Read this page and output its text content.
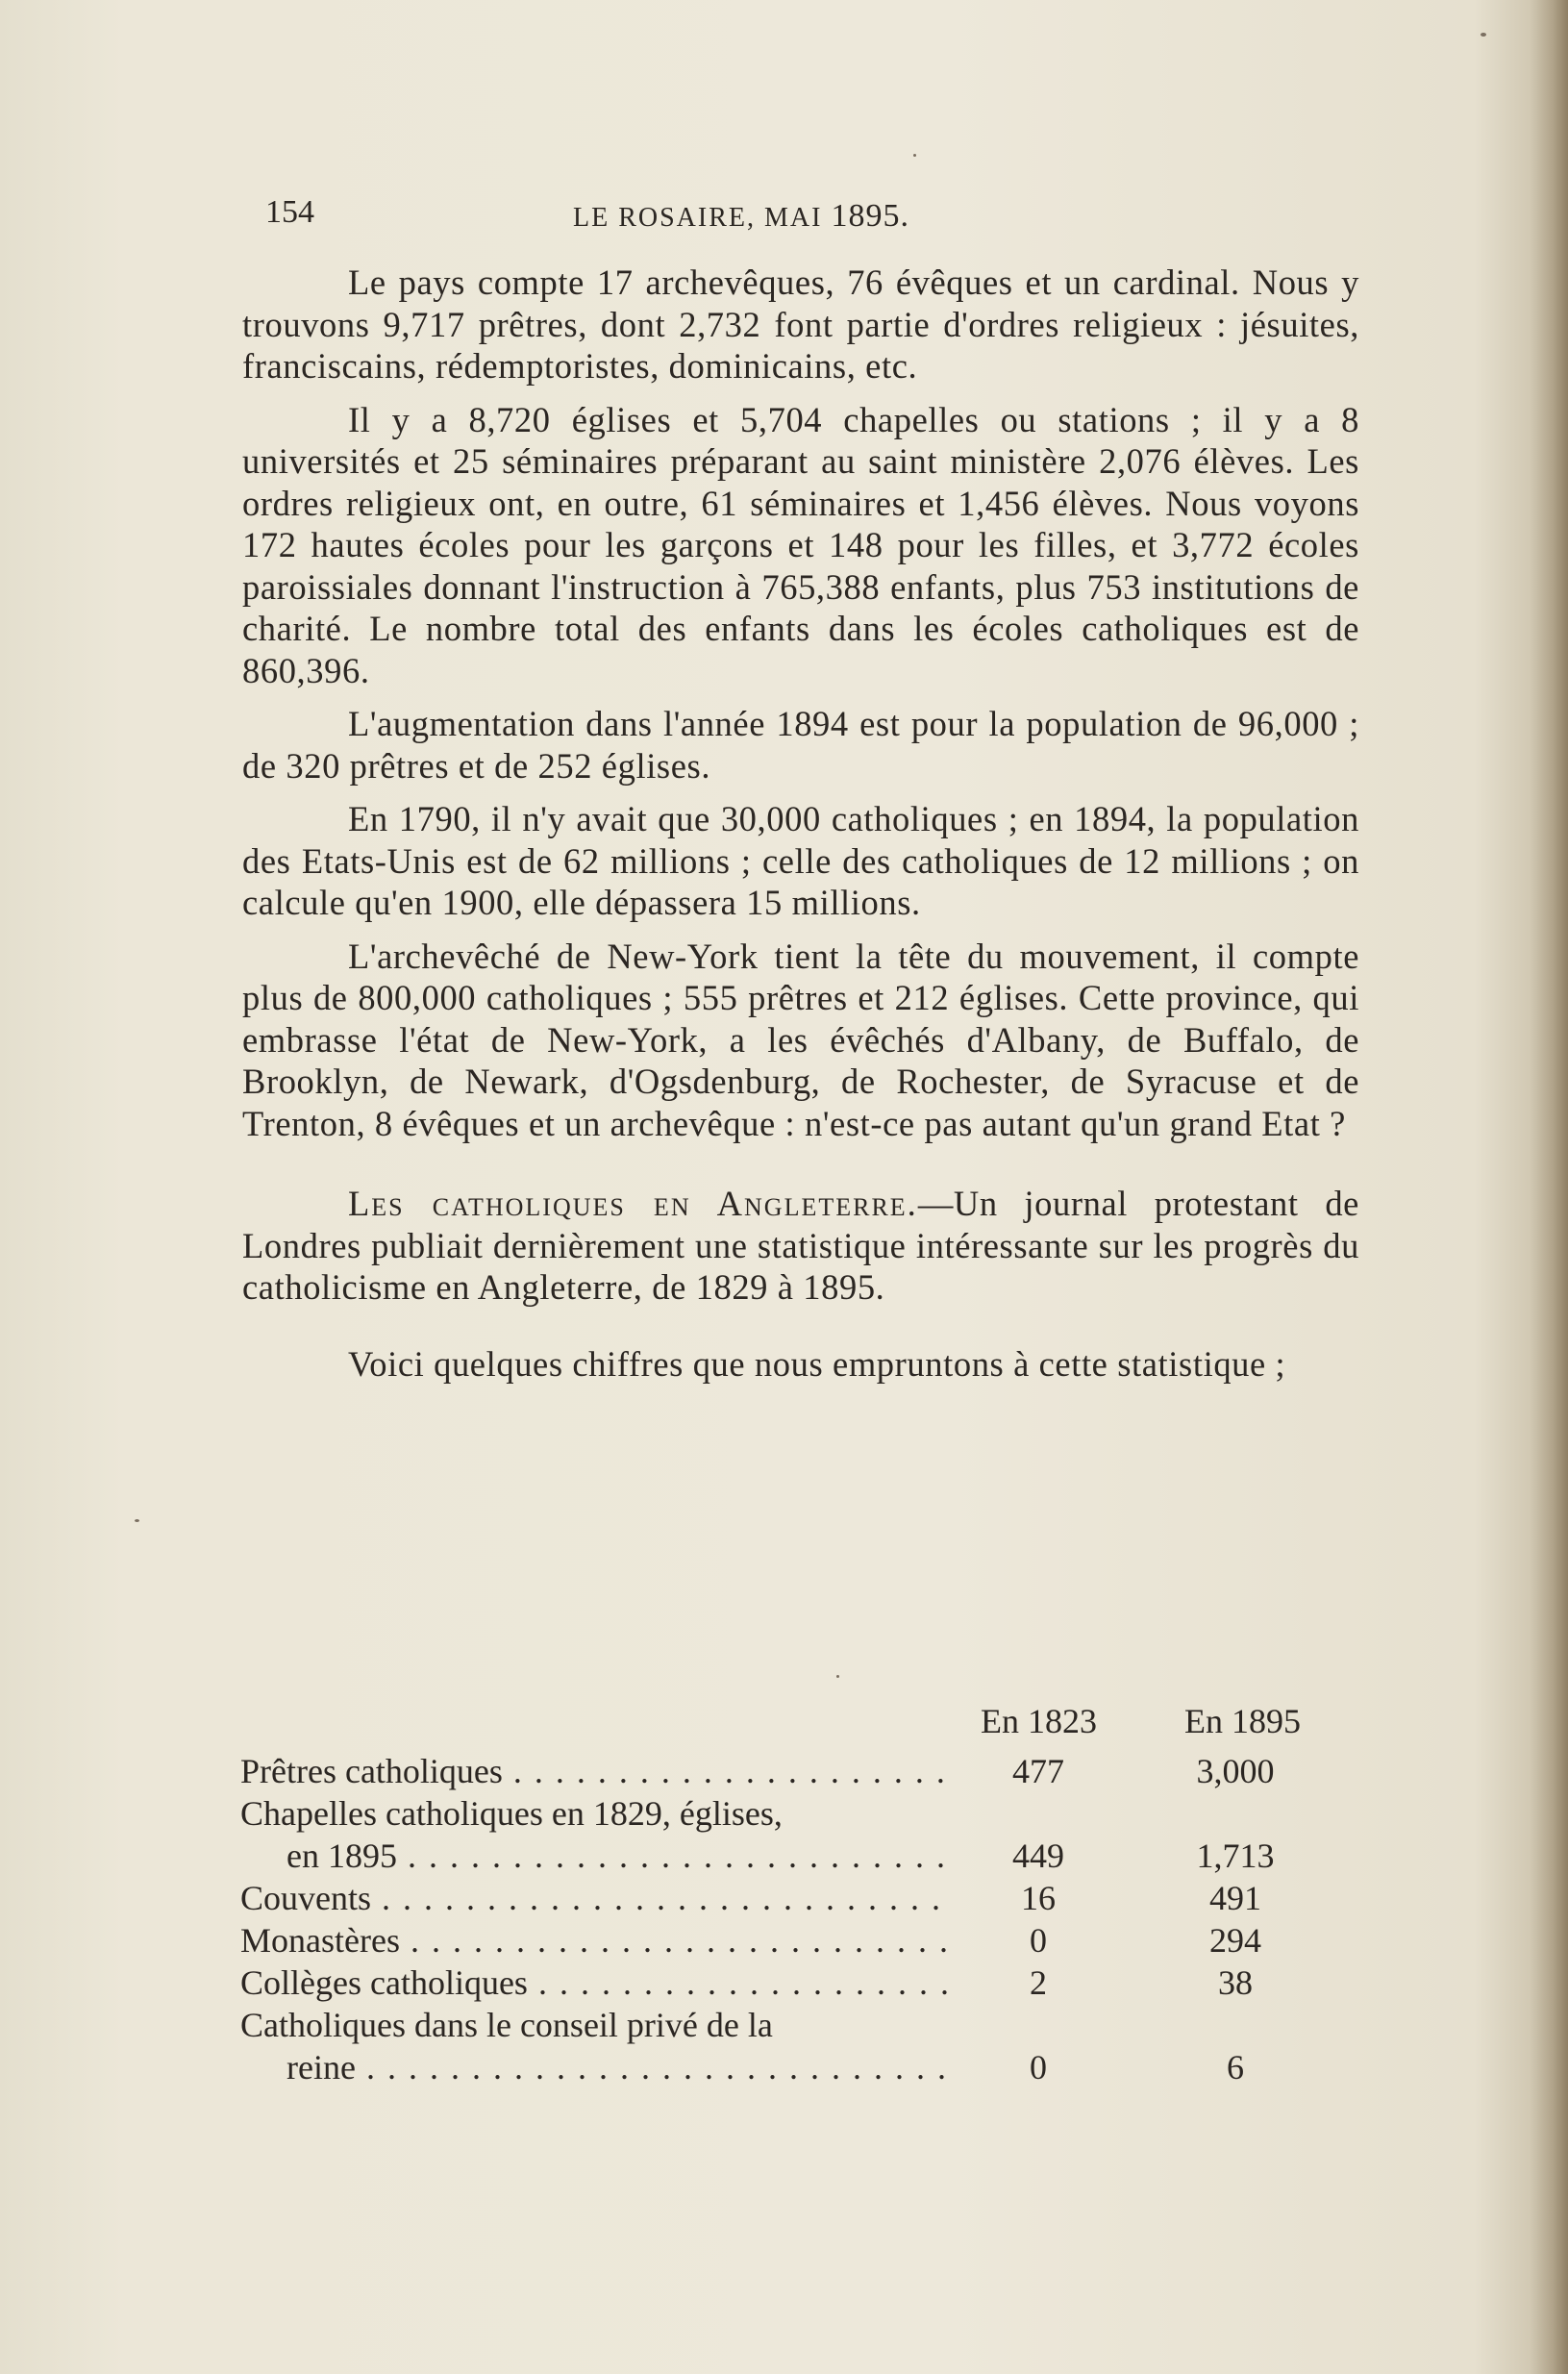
154	LE ROSAIRE, MAI 1895.

Le pays compte 17 archevêques, 76 évêques et un cardinal. Nous y trouvons 9,717 prêtres, dont 2,732 font partie d'ordres religieux : jésuites, franciscains, rédemptoristes, dominicains, etc.

Il y a 8,720 églises et 5,704 chapelles ou stations ; il y a 8 universités et 25 séminaires préparant au saint ministère 2,076 élèves. Les ordres religieux ont, en outre, 61 séminaires et 1,456 élèves. Nous voyons 172 hautes écoles pour les garçons et 148 pour les filles, et 3,772 écoles paroissiales donnant l'instruction à 765,388 enfants, plus 753 institutions de charité. Le nombre total des enfants dans les écoles catholiques est de 860,396.

L'augmentation dans l'année 1894 est pour la population de 96,000 ; de 320 prêtres et de 252 églises.

En 1790, il n'y avait que 30,000 catholiques ; en 1894, la population des Etats-Unis est de 62 millions ; celle des catholiques de 12 millions ; on calcule qu'en 1900, elle dépassera 15 millions.

L'archevêché de New-York tient la tête du mouvement, il compte plus de 800,000 catholiques ; 555 prêtres et 212 églises. Cette province, qui embrasse l'état de New-York, a les évêchés d'Albany, de Buffalo, de Brooklyn, de Newark, d'Ogsdenburg, de Rochester, de Syracuse et de Trenton, 8 évêques et un archevêque : n'est-ce pas autant qu'un grand Etat ?

Les catholiques en Angleterre.—Un journal protestant de Londres publiait dernièrement une statistique intéressante sur les progrès du catholicisme en Angleterre, de 1829 à 1895.

Voici quelques chiffres que nous empruntons à cette statistique ;

En 1823	En 1895
Prêtres catholiques . . .	477	3,000
Chapelles catholiques en 1829, églises,
en 1895 . . .	449	1,713
Couvents . . .	16	491
Monastères . . .	0	294
Collèges catholiques . . .	2	38
Catholiques dans le conseil privé de la
reine . . .	0	6
